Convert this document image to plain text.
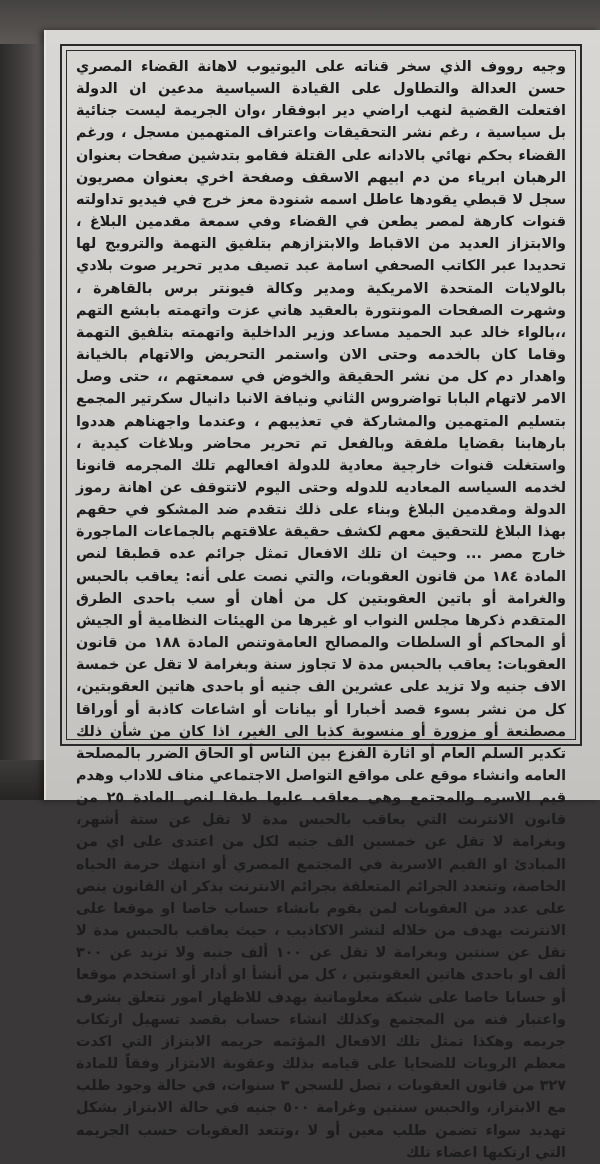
وجيه رووف الذي سخر قناته على اليوتيوب لاهانة القضاء المصري حسن العدالة والتطاول على القيادة السياسية مدعين ان الدولة افتعلت القضية لنهب اراضي دير ابوفقار ،وان الجريمة ليست جنائية بل سياسية ، رغم نشر التحقيقات واعتراف المتهمين مسجل ، ورغم القضاء بحكم نهائي بالادانه على القتلة فقامو بتدشين صفحات بعنوان الرهبان ابرياء من دم ابيهم الاسقف وصفحة اخري بعنوان مصريون سجل لا قبطي يقودها عاطل اسمه شنودة معز خرج في فيديو تداولته قنوات كارهة لمصر يطعن في القضاء وفي سمعة مقدمين البلاغ ، والابتزاز العديد من الاقباط والابتزازهم بتلفيق التهمة والترويج لها تحديدا عبر الكاتب الصحفي اسامة عبد تصيف مدير تحرير صوت بلادي بالولايات المتحدة الامريكية ومدير وكالة فيونتر برس بالقاهرة ، وشهرت الصفحات المونتورة بالعقيد هاني عزت واتهمته بابشع التهم ،،بالواء خالد عبد الحميد مساعد وزير الداخلية واتهمته بتلفيق التهمة وقاما كان بالخدمه وحتى الان واستمر التحريض والاتهام بالخيانة واهدار دم كل من نشر الحقيقة والخوض في سمعتهم ،، حتى وصل الامر لاتهام البابا تواضروس الثاني ونيافة الانبا دانيال سكرتير المجمع بتسليم المتهمين والمشاركة في تعذيبهم ، وعندما واجهناهم هددوا بارهابنا بقضايا ملفقة وبالفعل تم تحرير محاضر وبلاغات كيدية ، واستغلت قنوات خارجية معادية للدولة افعالهم تلك المجرمه قانونا لخدمه السياسه المعاديه للدوله وحتى اليوم لاتتوقف عن اهانة رموز الدولة ومقدمين البلاغ وبناء على ذلك نتقدم ضد المشكو في حقهم بهذا البلاغ للتحقيق معهم لكشف حقيقة علاقتهم بالجماعات الماجورة خارج مصر ... وحيث ان تلك الافعال تمثل جرائم عده قطبقا لنص المادة ١٨٤ من قانون العقوبات، والتي نصت على أنه: يعاقب بالحبس والغرامة أو باتين العقوبتين كل من أهان أو سب باحدى الطرق المتقدم ذكرها مجلس النواب او غيرها من الهيئات النظامية أو الجيش أو المحاكم أو السلطات والمصالح العامةوتنص المادة ١٨٨ من قانون العقوبات: يعاقب بالحبس مدة لا تجاوز سنة وبغرامة لا تقل عن خمسة الاف جنيه ولا تزيد على عشرين الف جنيه أو باحدى هاتين العقوبتين، كل من نشر بسوء قصد أخبارا أو بيانات أو اشاعات كاذبة أو أوراقا مصطنعة أو مزورة أو منسوبة كذبا الى الغير، اذا كان من شأن ذلك تكدير السلم العام أو اثارة الفزع بين الناس أو الحاق الضرر بالمصلحة العامه وانشاء موقع على مواقع التواصل الاجتماعي مناف للاداب وهدم قيم الاسره والمجتمع وهي معاقب عليها طبقا لنص المادة ٢٥ من قانون الانترنت التي يعاقب بالحبس مدة لا تقل عن ستة أشهر، وبغرامة لا تقل عن خمسين الف جنيه لكل من اعتدى على اي من المبادئ او القيم الاسرية في المجتمع المصري أو انتهك حرمة الحياه الخاصة، وتتعدد الجرائم المتعلقة بجرائم الانترنت يذكر ان القانون ينص على عدد من العقوبات لمن يقوم بانشاء حساب خاصا او موقعا على الانترنت يهدف من خلاله لنشر الاكاذيب ، حيث يعاقب بالحبس مدة لا تقل عن سنتين وبغرامة لا تقل عن ١٠٠ ألف جنيه ولا تزيد عن ٣٠٠ ألف او باحدى هاتين العقوبتين ، كل من أنشأ او أدار أو استخدم موقعا أو حسابا خاصا على شبكة معلوماتية يهدف للاظهار امور تتعلق بشرف واعتبار فنه من المجتمع وكذلك انشاء حساب بقصد تسهيل ارتكاب جريمه وهكذا تمثل تلك الافعال المؤثمه جريمه الابتزاز التي اكدت معظم الرويات للضحايا على قيامه بذلك وعقوبة الابتزاز وفقاً للمادة ٣٢٧ من قانون العقوبات ، تصل للسجن ٣ سنوات، في حالة وجود طلب مع الابتزاز، والحبس سنتين وغرامة ٥٠٠ جنيه في حالة الابتزاز بشكل تهديد سواء تضمن طلب معين أو لا ،وتتعد العقوبات حسب الجريمه التي ارتكبها اعضاء تلك
